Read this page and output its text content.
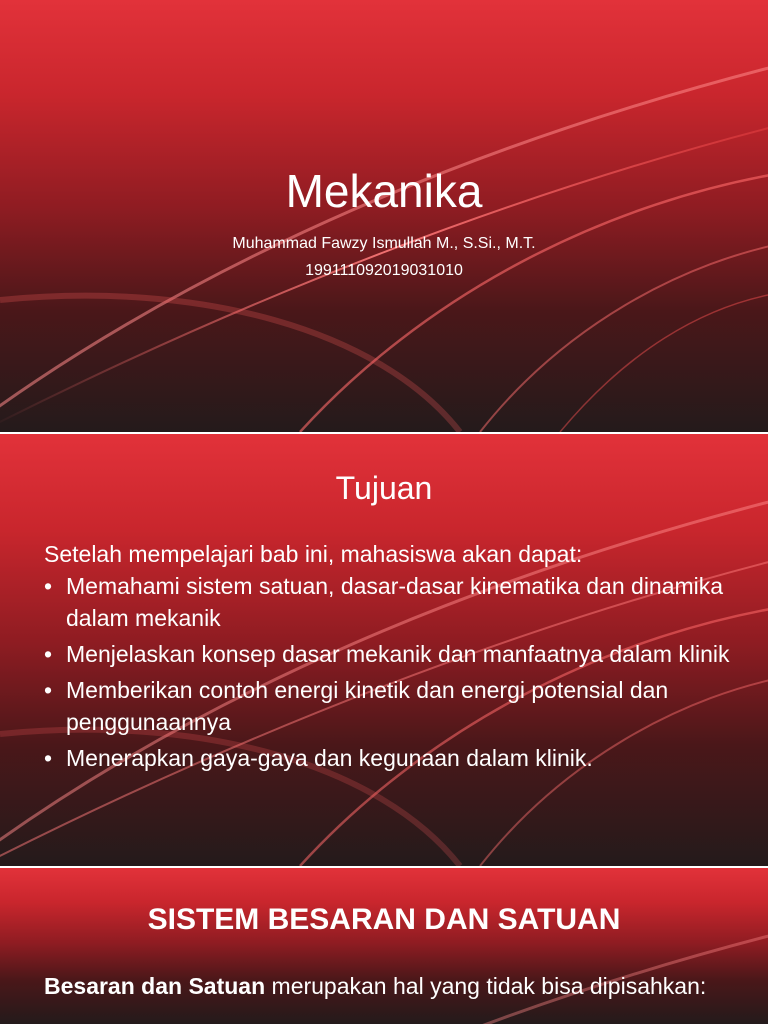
Mekanika
Muhammad Fawzy Ismullah M., S.Si., M.T.
199111092019031010
Tujuan
Setelah mempelajari bab ini, mahasiswa akan dapat:
• Memahami sistem satuan, dasar-dasar kinematika dan dinamika dalam mekanik
• Menjelaskan konsep dasar mekanik dan manfaatnya dalam klinik
• Memberikan contoh energi kinetik dan energi potensial dan penggunaannya
• Menerapkan gaya-gaya dan kegunaan dalam klinik.
SISTEM BESARAN DAN SATUAN
Besaran dan Satuan merupakan hal yang tidak bisa dipisahkan:
